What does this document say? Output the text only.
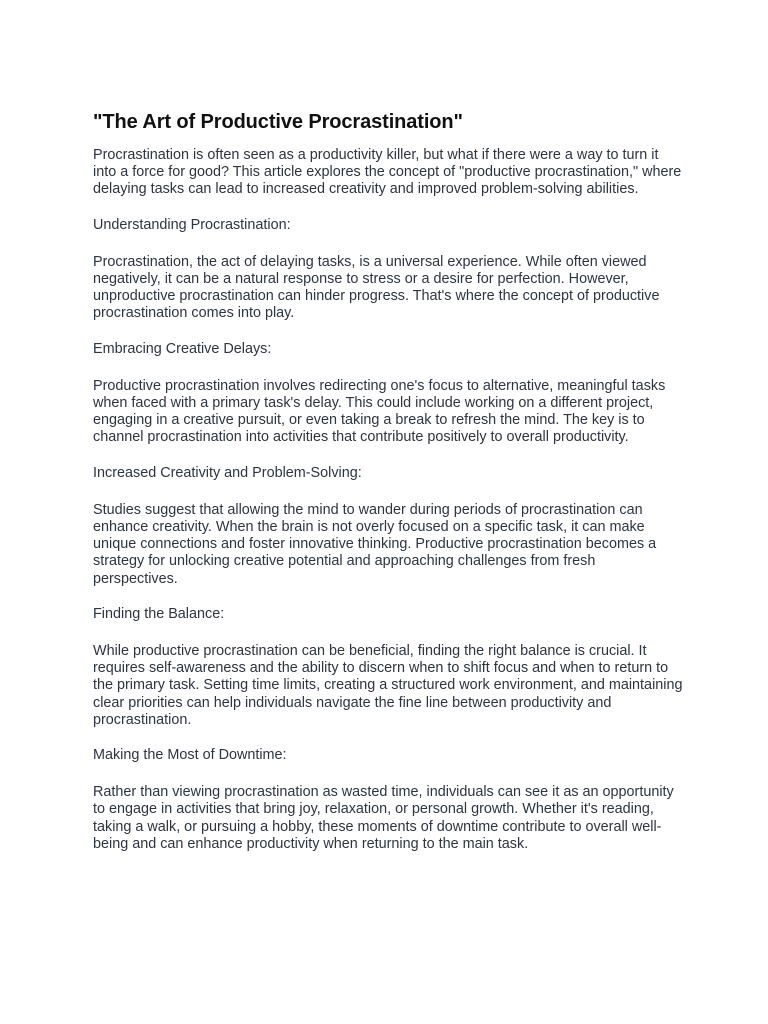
"The Art of Productive Procrastination"

Procrastination is often seen as a productivity killer, but what if there were a way to turn it into a force for good? This article explores the concept of "productive procrastination," where delaying tasks can lead to increased creativity and improved problem-solving abilities.

Understanding Procrastination:

Procrastination, the act of delaying tasks, is a universal experience. While often viewed negatively, it can be a natural response to stress or a desire for perfection. However, unproductive procrastination can hinder progress. That's where the concept of productive procrastination comes into play.

Embracing Creative Delays:

Productive procrastination involves redirecting one's focus to alternative, meaningful tasks when faced with a primary task's delay. This could include working on a different project, engaging in a creative pursuit, or even taking a break to refresh the mind. The key is to channel procrastination into activities that contribute positively to overall productivity.

Increased Creativity and Problem-Solving:

Studies suggest that allowing the mind to wander during periods of procrastination can enhance creativity. When the brain is not overly focused on a specific task, it can make unique connections and foster innovative thinking. Productive procrastination becomes a strategy for unlocking creative potential and approaching challenges from fresh perspectives.

Finding the Balance:

While productive procrastination can be beneficial, finding the right balance is crucial. It requires self-awareness and the ability to discern when to shift focus and when to return to the primary task. Setting time limits, creating a structured work environment, and maintaining clear priorities can help individuals navigate the fine line between productivity and procrastination.

Making the Most of Downtime:

Rather than viewing procrastination as wasted time, individuals can see it as an opportunity to engage in activities that bring joy, relaxation, or personal growth. Whether it's reading, taking a walk, or pursuing a hobby, these moments of downtime contribute to overall well-being and can enhance productivity when returning to the main task.
